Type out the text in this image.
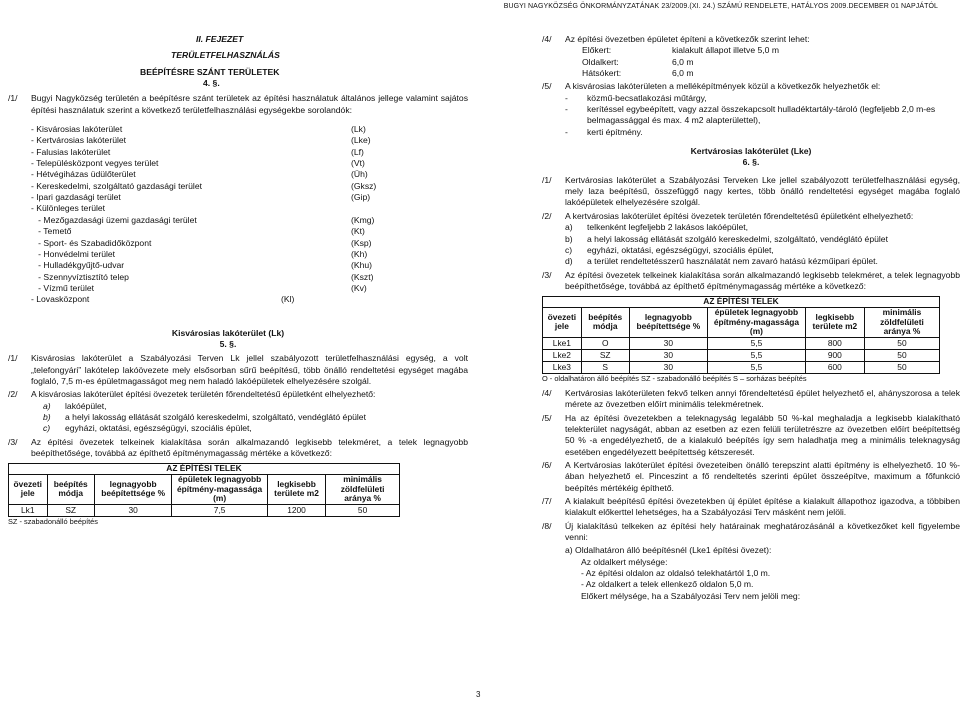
BUGYI NAGYKÖZSÉG ÖNKORMÁNYZATÁNAK 23/2009.(XI. 24.) SZÁMÚ RENDELETE, HATÁLYOS 2009.DECEMBER 01 NAPJÁTÓL
II. FEJEZET
TERÜLETFELHASZNÁLÁS
BEÉPÍTÉSRE SZÁNT TERÜLETEK
4. §.
/1/	Bugyi Nagyközség területén a beépítésre szánt területek az építési használatuk általános jellege valamint sajátos építési használatuk szerint a következő területfelhasználási egységekbe sorolandók:
- Kisvárosias lakóterület	(Lk)
- Kertvárosias lakóterület	(Lke)
- Falusias lakóterület	(Lf)
- Településközpont vegyes terület	(Vt)
- Hétvégiházas üdülőterület	(Üh)
- Kereskedelmi, szolgáltató gazdasági terület	(Gksz)
- Ipari gazdasági terület	(Gip)
- Különleges terület
- Mezőgazdasági üzemi gazdasági terület	(Kmg)
- Temető	(Kt)
- Sport- és Szabadidőközpont	(Ksp)
- Honvédelmi terület	(Kh)
- Hulladékgyűjtő-udvar	(Khu)
- Szennyvíztisztító telep	(Kszt)
- Vízmű terület	(Kv)
- Lovasközpont	(Kl)
Kisvárosias lakóterület (Lk)
5. §.
/1/	Kisvárosias lakóterület a Szabályozási Terven Lk jellel szabályozott területfelhasználási egység, a volt „telefongyári” lakótelep lakóövezete mely elsősorban sűrű beépítésű, több önálló rendeltetési egységet magába foglaló, 7,5 m-es épületmagasságot meg nem haladó lakóépületek elhelyezésére szolgál.
/2/	A kisvárosias lakóterület építési övezetek területén főrendeltetésű épületként elhelyezhető:
a)	lakóépület,
b)	a helyi lakosság ellátását szolgáló kereskedelmi, szolgáltató, vendéglátó épület
c)	egyházi, oktatási, egészségügyi, szociális épület,
/3/	Az építési övezetek telkeinek kialakítása során alkalmazandó legkisebb telekméret, a telek legnagyobb beépíthetősége, továbbá az építhető építménymagasság mértéke a következő:
AZ ÉPÍTÉSI TELEK					
övezeti jele	beépítés módja	legnagyobb beépítettsége %	épületek legnagyobb építmény-magassága (m)	legkisebb területe m2	minimális zöldfelületi aránya %
Lk1	SZ	30	7,5	1200	50
SZ - szabadonálló beépítés
/4/	Az építési övezetben épületet építeni a következők szerint lehet:
Előkert:	kialakult állapot illetve 5,0 m
Oldalkert:	6,0 m
Hátsókert:	6,0 m
/5/	A kisvárosias lakóterületen a melléképítmények közül a következők helyezhetők el:
-	közmű-becsatlakozási műtárgy,
-	kerítéssel egybeépített, vagy azzal összekapcsolt hulladéktartály-tároló (legfeljebb 2,0 m-es belmagassággal és max. 4 m2 alapterülettel),
-	kerti építmény.
Kertvárosias lakóterület (Lke)
6. §.
/1/	Kertvárosias lakóterület a Szabályozási Terveken Lke jellel szabályozott területfelhasználási egység, mely laza beépítésű, összefüggő nagy kertes, több önálló rendeltetési egységet magába foglaló lakóépületek elhelyezésére szolgál.
/2/	A kertvárosias lakóterület építési övezetek területén főrendeltetésű épületként elhelyezhető:
a)	telkenként legfeljebb 2 lakásos lakóépület,
b)	a helyi lakosság ellátását szolgáló kereskedelmi, szolgáltató, vendéglátó épület
c)	egyházi, oktatási, egészségügyi, szociális épület,
d)	a terület rendeltetésszerű használatát nem zavaró hatású kézműipari épület.
/3/	Az építési övezetek telkeinek kialakítása során alkalmazandó legkisebb telekméret, a telek legnagyobb beépíthetősége, továbbá az építhető építménymagasság mértéke a következő:
AZ ÉPÍTÉSI TELEK					
övezeti jele	beépítés módja	legnagyobb beépítettsége %	épületek legnagyobb építmény-magassága (m)	legkisebb területe m2	minimális zöldfelületi aránya %
Lke1	O	30	5,5	800	50
Lke2	SZ	30	5,5	900	50
Lke3	S	30	5,5	600	50
O - oldalhatáron álló beépítés SZ - szabadonálló beépítés S – sorházas beépítés
/4/	Kertvárosias lakóterületen fekvő telken annyi főrendeltetésű épület helyezhető el, ahányszorosa a telek mérete az övezetben előírt minimális telekméretnek.
/5/	Ha az építési övezetekben a teleknagyság legalább 50 %-kal meghaladja a legkisebb kialakítható telekterület nagyságát, abban az esetben az ezen felüli területrészre az övezetben előírt beépítettség 50 % -a engedélyezhető, de a kialakuló beépítés így sem haladhatja meg a minimális teleknagyság esetében engedélyezett beépítettség kétszeresét.
/6/	A Kertvárosias lakóterület építési övezeteiben önálló terepszint alatti építmény is elhelyezhető. 10 %-ában helyezhető el. Pinceszint a fő rendeltetés szerinti épület összeépítve, maximum a főfunkció beépítés mértékéig építhető.
/7/	A kialakult beépítésű építési övezetekben új épület építése a kialakult állapothoz igazodva, a többiben kialakult előkerttel lehetséges, ha a Szabályozási Terv másként nem jelöli.
/8/	Új kialakítású telkeken az építési hely határainak meghatározásánál a következőket kell figyelembe venni:
a) Oldalhatáron álló beépítésnél (Lke1 építési övezet):
Az oldalkert mélysége:
- Az építési oldalon az oldalsó telekhatártól 1,0 m.
- Az oldalkert a telek ellenkező oldalon 5,0 m.
Előkert mélysége, ha a Szabályozási Terv nem jelöli meg:
3
